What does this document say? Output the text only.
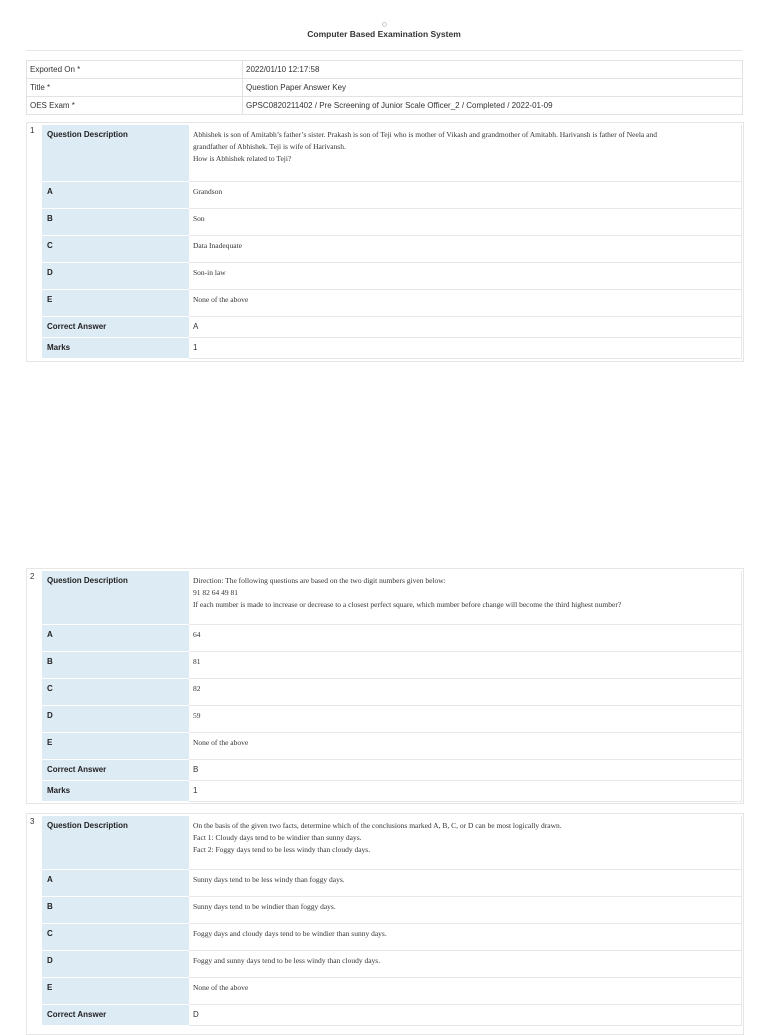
Computer Based Examination System
Exported On *	2022/01/10 12:17:58
Title *	Question Paper Answer Key
OES Exam *	GPSC0820211402 / Pre Screening of Junior Scale Officer_2 / Completed / 2022-01-09
1 Question Description	Abhishek is son of Amitabh’s father’s sister. Prakash is son of Teji who is mother of Vikash and grandmother of Amitabh. Harivansh is father of Neela and
grandfather of Abhishek. Teji is wife of Harivansh.
How is Abhishek related to Teji?

A	Grandson
B	Son
C	Data Inadequate
D	Son-in law
E	None of the above
Correct Answer	A
Marks	1
2 Question Description	Direction: The following questions are based on the two digit numbers given below:
91 82 64 49 81
If each number is made to increase or decrease to a closest perfect square, which number before change will become the third highest number?

A	64
B	81
C	82
D	59
E	None of the above
Correct Answer	B
Marks	1
3 Question Description	On the basis of the given two facts, determine which of the conclusions marked A, B, C, or D can be most logically drawn.
Fact 1: Cloudy days tend to be windier than sunny days.
Fact 2: Foggy days tend to be less windy than cloudy days.

A	Sunny days tend to be less windy than foggy days.
B	Sunny days tend to be windier than foggy days.
C	Foggy days and cloudy days tend to be windier than sunny days.
D	Foggy and sunny days tend to be less windy than cloudy days.
E	None of the above
Correct Answer	D
